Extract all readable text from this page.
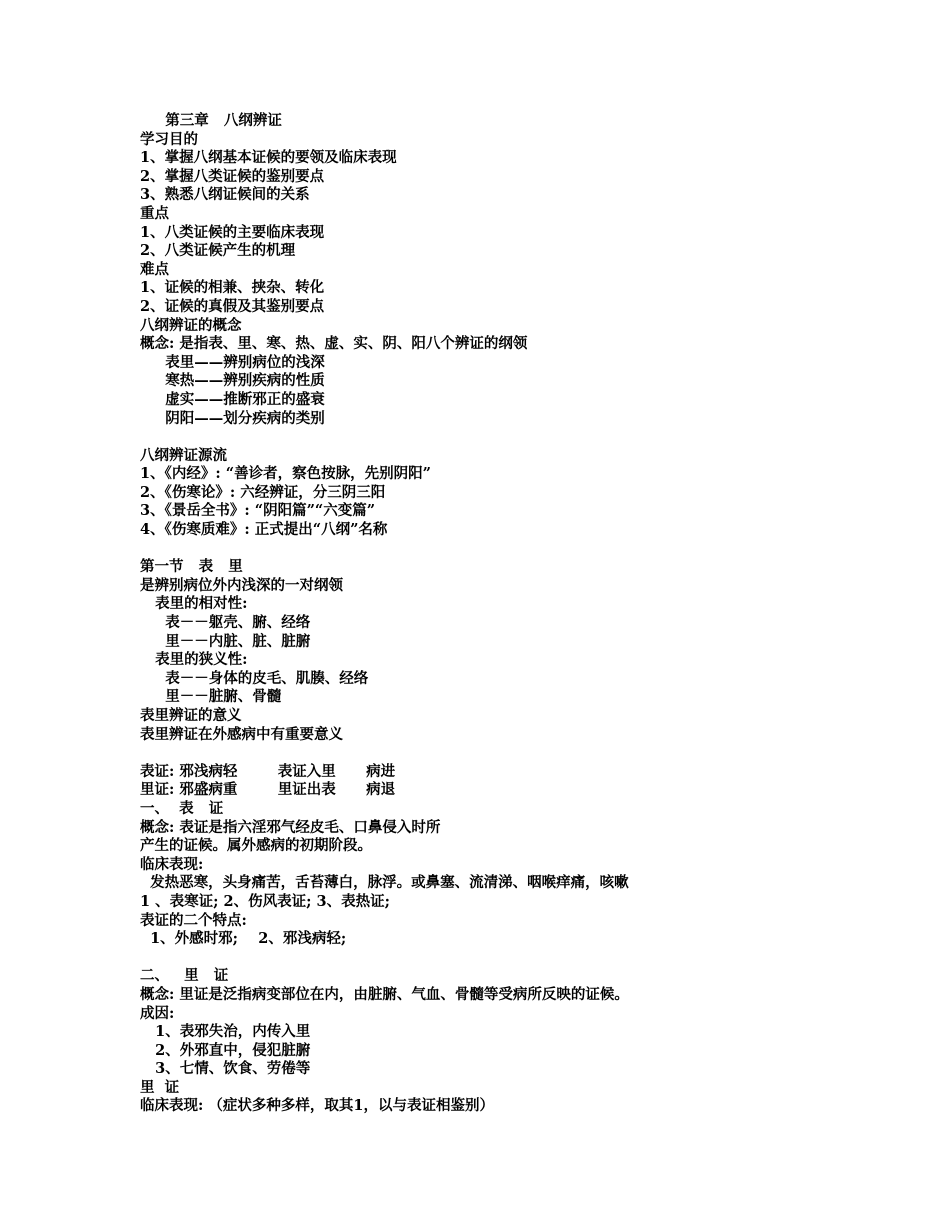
第三章   八纲辨证
学习目的
1、掌握八纲基本证候的要领及临床表现
2、掌握八类证候的鉴别要点
3、熟悉八纲证候间的关系
重点
1、八类证候的主要临床表现
2、八类证候产生的机理
难点
1、证候的相兼、挟杂、转化
2、证候的真假及其鉴别要点
八纲辨证的概念
概念: 是指表、里、寒、热、虚、实、阴、阳八个辨证的纲领
表里——辨别病位的浅深
寒热——辨别疾病的性质
虚实——推断邪正的盛衰
阴阳——划分疾病的类别
八纲辨证源流
1、《内经》: “善诊者，察色按脉，先别阴阳”
2、《伤寒论》: 六经辨证，分三阴三阳
3、《景岳全书》: “阴阳篇”“六变篇”
4、《伤寒质难》: 正式提出“八纲”名称
第一节   表   里
是辨别病位外内浅深的一对纲领
表里的相对性:
表－－躯壳、腑、经络
里－－内脏、脏、脏腑
表里的狭义性:
表－－身体的皮毛、肌腠、经络
里－－脏腑、骨髓
表里辨证的意义
表里辨证在外感病中有重要意义
表证: 邪浅病轻        表证入里      病进
里证: 邪盛病重        里证出表      病退
一、  表   证
概念: 表证是指六淫邪气经皮毛、口鼻侵入时所
产生的证候。属外感病的初期阶段。
临床表现:
发热恶寒，头身痛苦，舌苔薄白，脉浮。或鼻塞、流清涕、咽喉痒痛，咳嗽
1 、表寒证; 2、伤风表证; 3、表热证;
表证的二个特点:
1、外感时邪;    2、邪浅病轻;
二、   里   证
概念: 里证是泛指病变部位在内，由脏腑、气血、骨髓等受病所反映的证候。
成因:
1、表邪失治，内传入里
2、外邪直中，侵犯脏腑
3、七情、饮食、劳倦等
里  证
临床表现: （症状多种多样，取其1，以与表证相鉴别）
